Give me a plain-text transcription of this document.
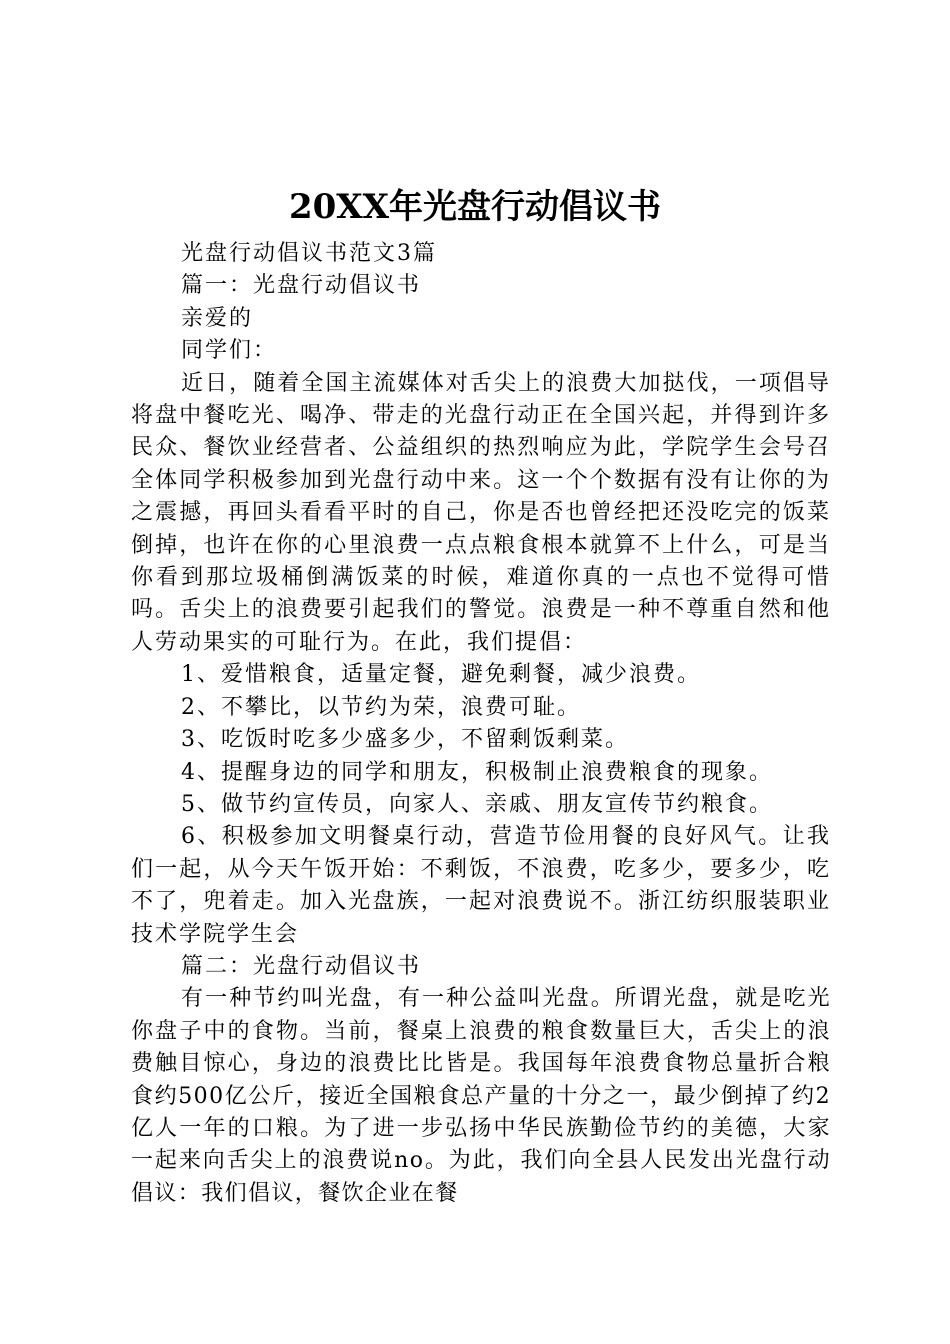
20XX年光盘行动倡议书

光盘行动倡议书范文3篇

篇一：光盘行动倡议书

亲爱的

同学们：

近日，随着全国主流媒体对舌尖上的浪费大加挞伐，一项倡导将盘中餐吃光、喝净、带走的光盘行动正在全国兴起，并得到许多民众、餐饮业经营者、公益组织的热烈响应为此，学院学生会号召全体同学积极参加到光盘行动中来。这一个个数据有没有让你的为之震撼，再回头看看平时的自己，你是否也曾经把还没吃完的饭菜倒掉，也许在你的心里浪费一点点粮食根本就算不上什么，可是当你看到那垃圾桶倒满饭菜的时候，难道你真的一点也不觉得可惜吗。舌尖上的浪费要引起我们的警觉。浪费是一种不尊重自然和他人劳动果实的可耻行为。在此，我们提倡：

1、爱惜粮食，适量定餐，避免剩餐，减少浪费。

2、不攀比，以节约为荣，浪费可耻。

3、吃饭时吃多少盛多少，不留剩饭剩菜。

4、提醒身边的同学和朋友，积极制止浪费粮食的现象。

5、做节约宣传员，向家人、亲戚、朋友宣传节约粮食。

6、积极参加文明餐桌行动，营造节俭用餐的良好风气。让我们一起，从今天午饭开始：不剩饭，不浪费，吃多少，要多少，吃不了，兜着走。加入光盘族，一起对浪费说不。浙江纺织服装职业技术学院学生会

篇二：光盘行动倡议书

有一种节约叫光盘，有一种公益叫光盘。所谓光盘，就是吃光你盘子中的食物。当前，餐桌上浪费的粮食数量巨大，舌尖上的浪费触目惊心，身边的浪费比比皆是。我国每年浪费食物总量折合粮食约500亿公斤，接近全国粮食总产量的十分之一，最少倒掉了约2亿人一年的口粮。为了进一步弘扬中华民族勤俭节约的美德，大家一起来向舌尖上的浪费说no。为此，我们向全县人民发出光盘行动倡议：我们倡议，餐饮企业在餐
